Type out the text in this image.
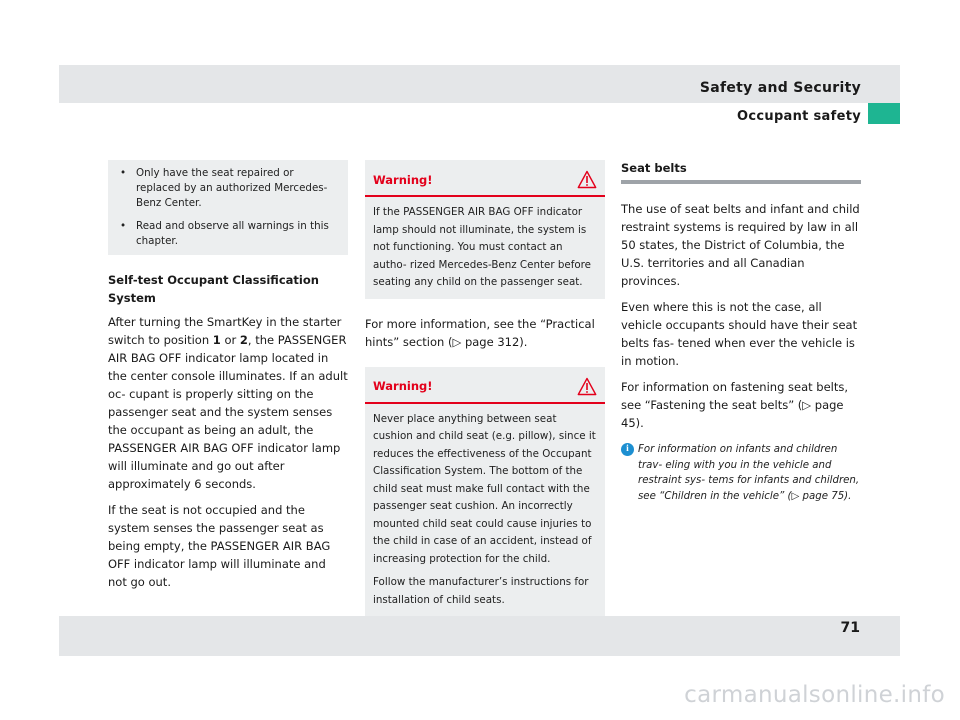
Safety and Security
Occupant safety
• Only have the seat repaired or replaced by an authorized Mercedes-Benz Center.
• Read and observe all warnings in this chapter.
Self-test Occupant Classification System

After turning the SmartKey in the starter switch to position 1 or 2, the PASSENGER AIR BAG OFF indicator lamp located in the center console illuminates. If an adult oc- cupant is properly sitting on the passenger seat and the system senses the occupant as being an adult, the PASSENGER AIR BAG OFF indicator lamp will illuminate and go out after approximately 6 seconds.

If the seat is not occupied and the system senses the passenger seat as being empty, the PASSENGER AIR BAG OFF indicator lamp will illuminate and not go out.

Warning!

If the PASSENGER AIR BAG OFF indicator lamp should not illuminate, the system is not functioning. You must contact an autho- rized Mercedes-Benz Center before seating any child on the passenger seat.

For more information, see the “Practical hints” section (▷ page 312).

Warning!

Never place anything between seat cushion and child seat (e.g. pillow), since it reduces the effectiveness of the Occupant Classification System. The bottom of the child seat must make full contact with the passenger seat cushion. An incorrectly mounted child seat could cause injuries to the child in case of an accident, instead of increasing protection for the child.

Follow the manufacturer’s instructions for installation of child seats.

Seat belts

The use of seat belts and infant and child restraint systems is required by law in all 50 states, the District of Columbia, the U.S. territories and all Canadian provinces.

Even where this is not the case, all vehicle occupants should have their seat belts fas- tened when ever the vehicle is in motion.

For information on fastening seat belts, see “Fastening the seat belts” (▷ page 45).

i For information on infants and children trav- eling with you in the vehicle and restraint sys- tems for infants and children, see “Children in the vehicle” (▷ page 75).
71
carmanualsonline.info
